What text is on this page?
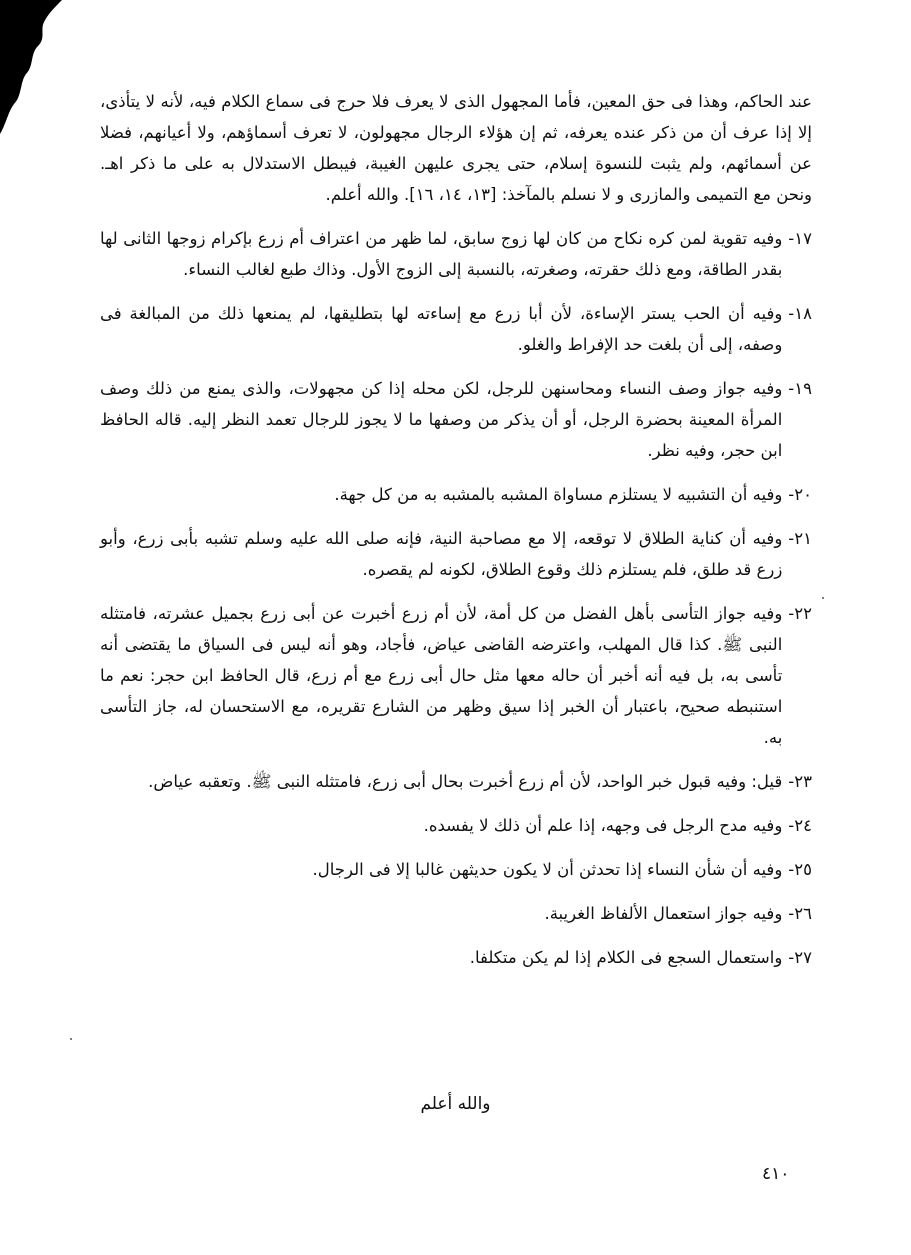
عند الحاكم، وهذا فى حق المعين، فأما المجهول الذى لا يعرف فلا حرج فى سماع الكلام فيه، لأنه لا يتأذى، إلا إذا عرف أن من ذكر عنده يعرفه، ثم إن هؤلاء الرجال مجهولون، لا تعرف أسماؤهم، ولا أعيانهم، فضلا عن أسمائهم، ولم يثبت للنسوة إسلام، حتى يجرى عليهن الغيبة، فيبطل الاستدلال به على ما ذكر اهـ. ونحن مع التميمى والمازرى و لا نسلم بالمآخذ: [١٣، ١٤، ١٦]. والله أعلم.

١٧-
وفيه تقوية لمن كره نكاح من كان لها زوج سابق، لما ظهر من اعتراف أم زرع بإكرام زوجها الثانى لها بقدر الطاقة، ومع ذلك حقرته، وصغرته، بالنسبة إلى الزوج الأول. وذاك طبع لغالب النساء.
١٨-
وفيه أن الحب يستر الإساءة، لأن أبا زرع مع إساءته لها بتطليقها، لم يمنعها ذلك من المبالغة فى وصفه، إلى أن بلغت حد الإفراط والغلو.
١٩-
وفيه جواز وصف النساء ومحاسنهن للرجل، لكن محله إذا كن مجهولات، والذى يمنع من ذلك وصف المرأة المعينة بحضرة الرجل، أو أن يذكر من وصفها ما لا يجوز للرجال تعمد النظر إليه. قاله الحافظ ابن حجر، وفيه نظر.
٢٠-
وفيه أن التشبيه لا يستلزم مساواة المشبه بالمشبه به من كل جهة.
٢١-
وفيه أن كناية الطلاق لا توقعه، إلا مع مصاحبة النية، فإنه صلى الله عليه وسلم تشبه بأبى زرع، وأبو زرع قد طلق، فلم يستلزم ذلك وقوع الطلاق، لكونه لم يقصره.
٢٢-
وفيه جواز التأسى بأهل الفضل من كل أمة، لأن أم زرع أخبرت عن أبى زرع بجميل عشرته، فامتثله النبى ﷺ. كذا قال المهلب، واعترضه القاضى عياض، فأجاد، وهو أنه ليس فى السياق ما يقتضى أنه تأسى به، بل فيه أنه أخبر أن حاله معها مثل حال أبى زرع مع أم زرع، قال الحافظ ابن حجر: نعم ما استنبطه صحيح، باعتبار أن الخبر إذا سيق وظهر من الشارع تقريره، مع الاستحسان له، جاز التأسى به.
٢٣-
قيل: وفيه قبول خبر الواحد، لأن أم زرع أخبرت بحال أبى زرع، فامتثله النبى ﷺ. وتعقبه عياض.
٢٤-
وفيه مدح الرجل فى وجهه، إذا علم أن ذلك لا يفسده.
٢٥-
وفيه أن شأن النساء إذا تحدثن أن لا يكون حديثهن غالبا إلا فى الرجال.
٢٦-
وفيه جواز استعمال الألفاظ الغريبة.
٢٧-
واستعمال السجع فى الكلام إذا لم يكن متكلفا.
والله أعلم
٤١٠
